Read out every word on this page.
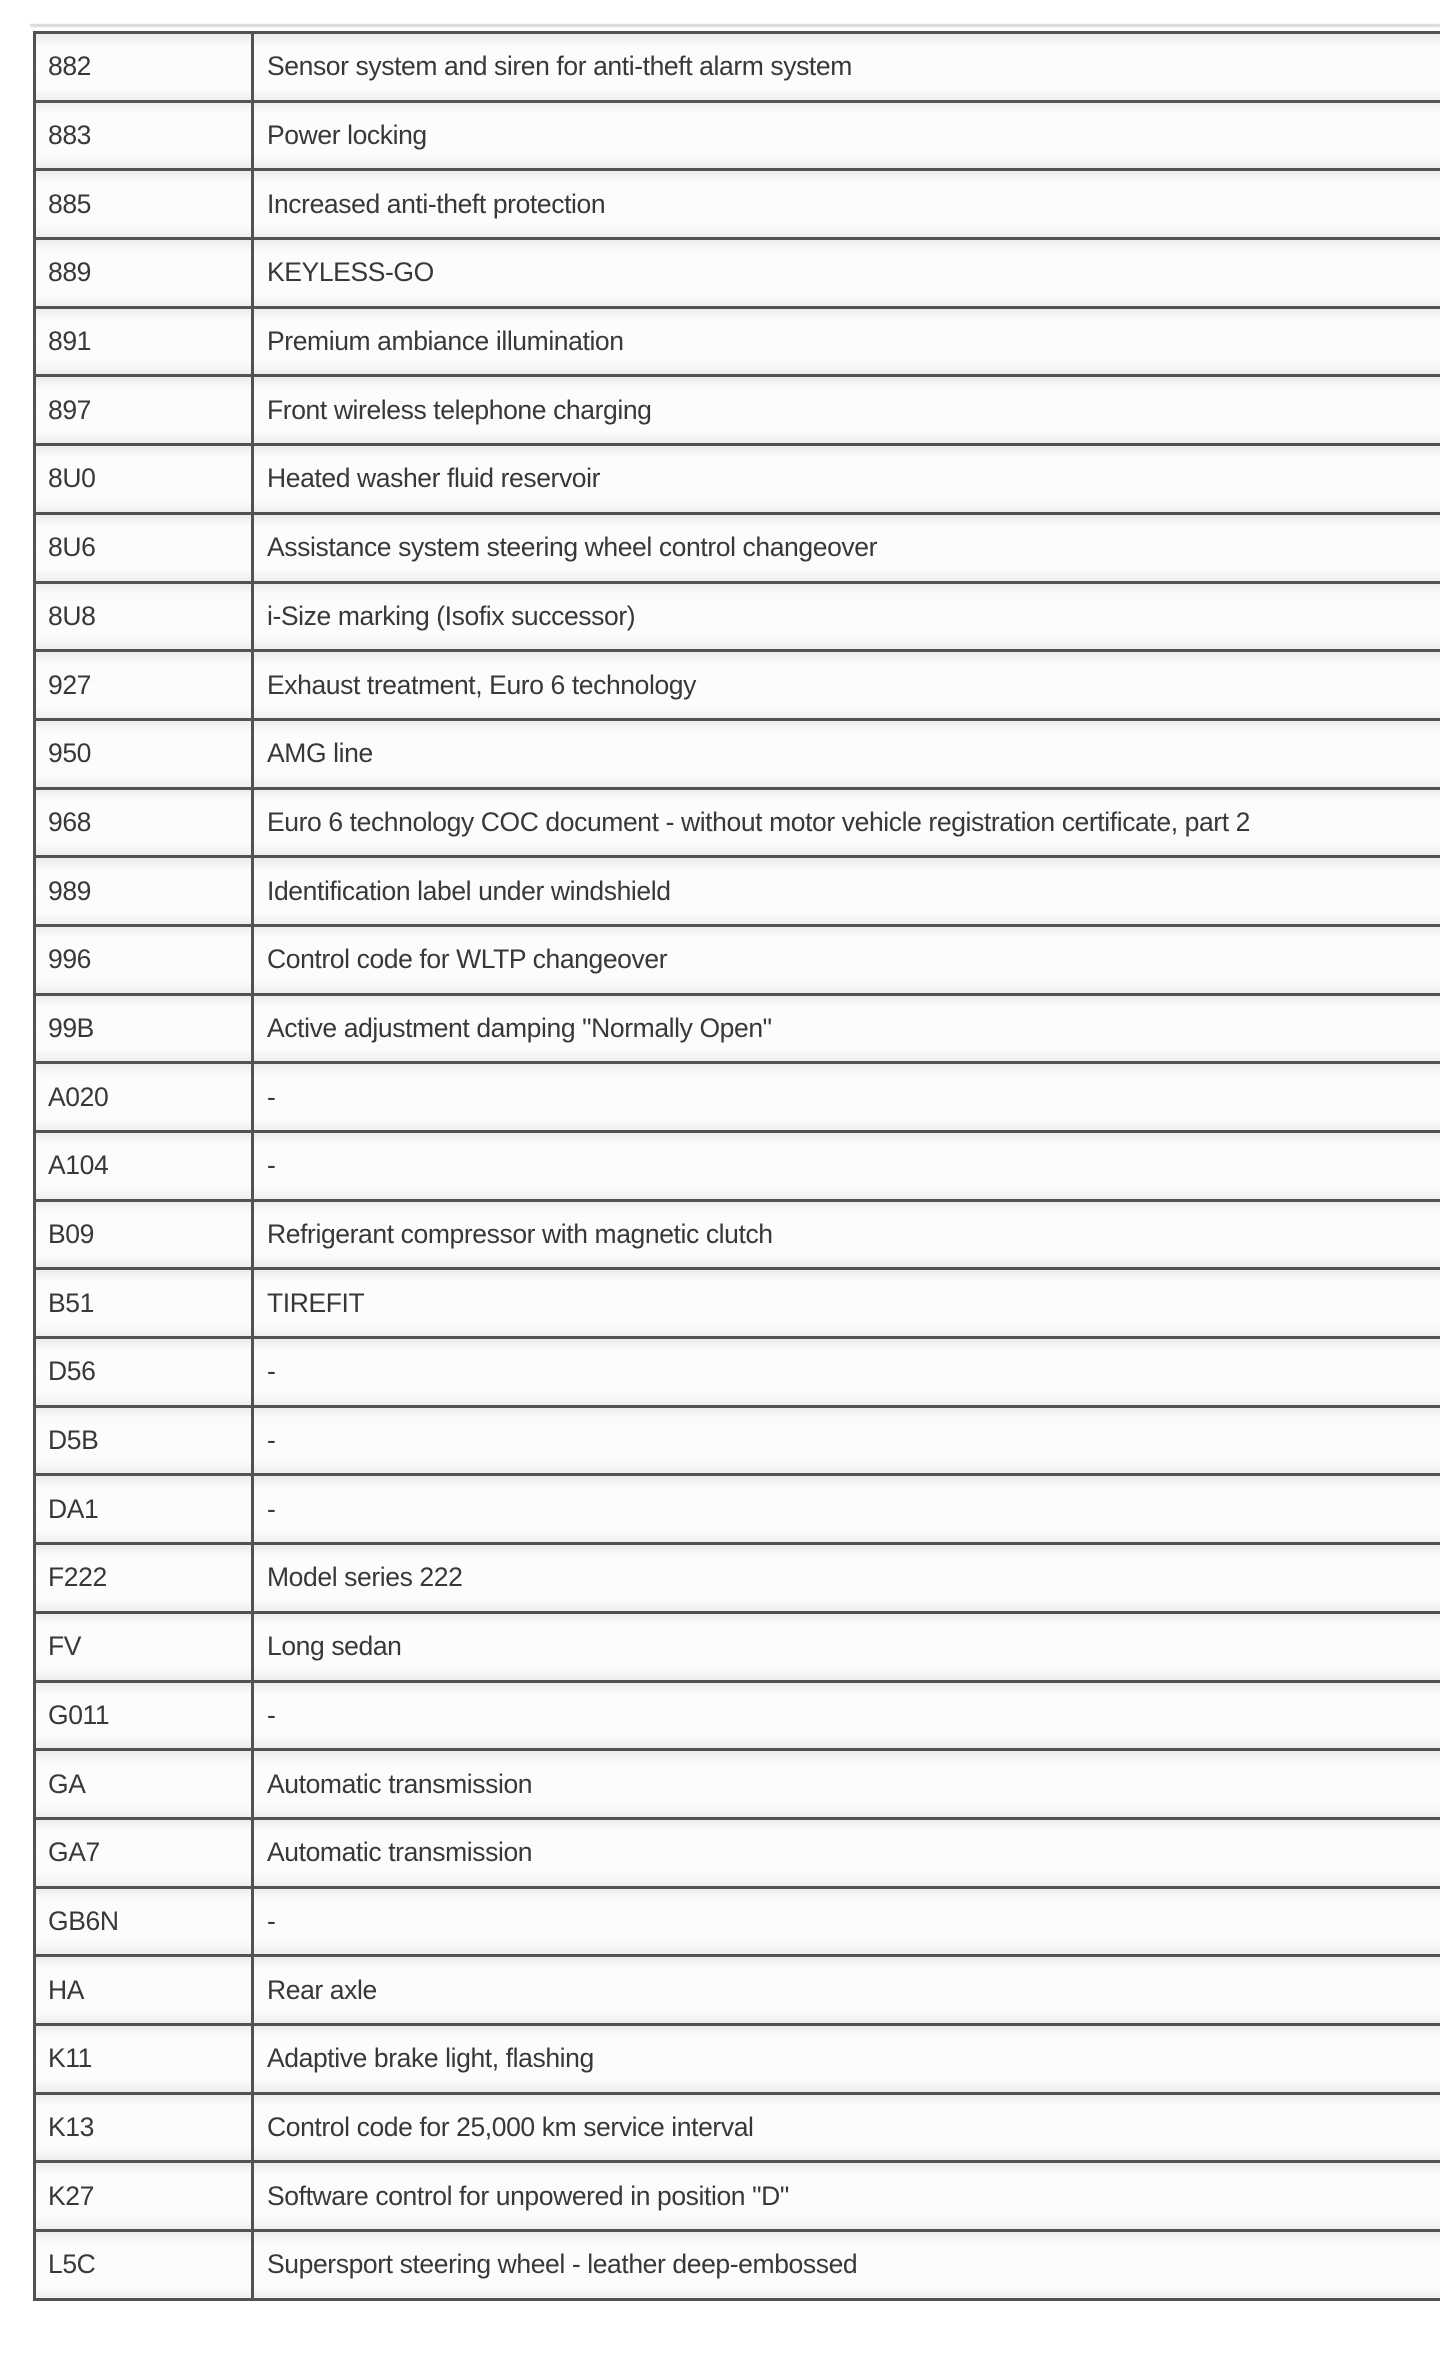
882	Sensor system and siren for anti-theft alarm system
883	Power locking
885	Increased anti-theft protection
889	KEYLESS-GO
891	Premium ambiance illumination
897	Front wireless telephone charging
8U0	Heated washer fluid reservoir
8U6	Assistance system steering wheel control changeover
8U8	i-Size marking (Isofix successor)
927	Exhaust treatment, Euro 6 technology
950	AMG line
968	Euro 6 technology COC document - without motor vehicle registration certificate, part 2
989	Identification label under windshield
996	Control code for WLTP changeover
99B	Active adjustment damping "Normally Open"
A020	-
A104	-
B09	Refrigerant compressor with magnetic clutch
B51	TIREFIT
D56	-
D5B	-
DA1	-
F222	Model series 222
FV	Long sedan
G011	-
GA	Automatic transmission
GA7	Automatic transmission
GB6N	-
HA	Rear axle
K11	Adaptive brake light, flashing
K13	Control code for 25,000 km service interval
K27	Software control for unpowered in position "D"
L5C	Supersport steering wheel - leather deep-embossed
